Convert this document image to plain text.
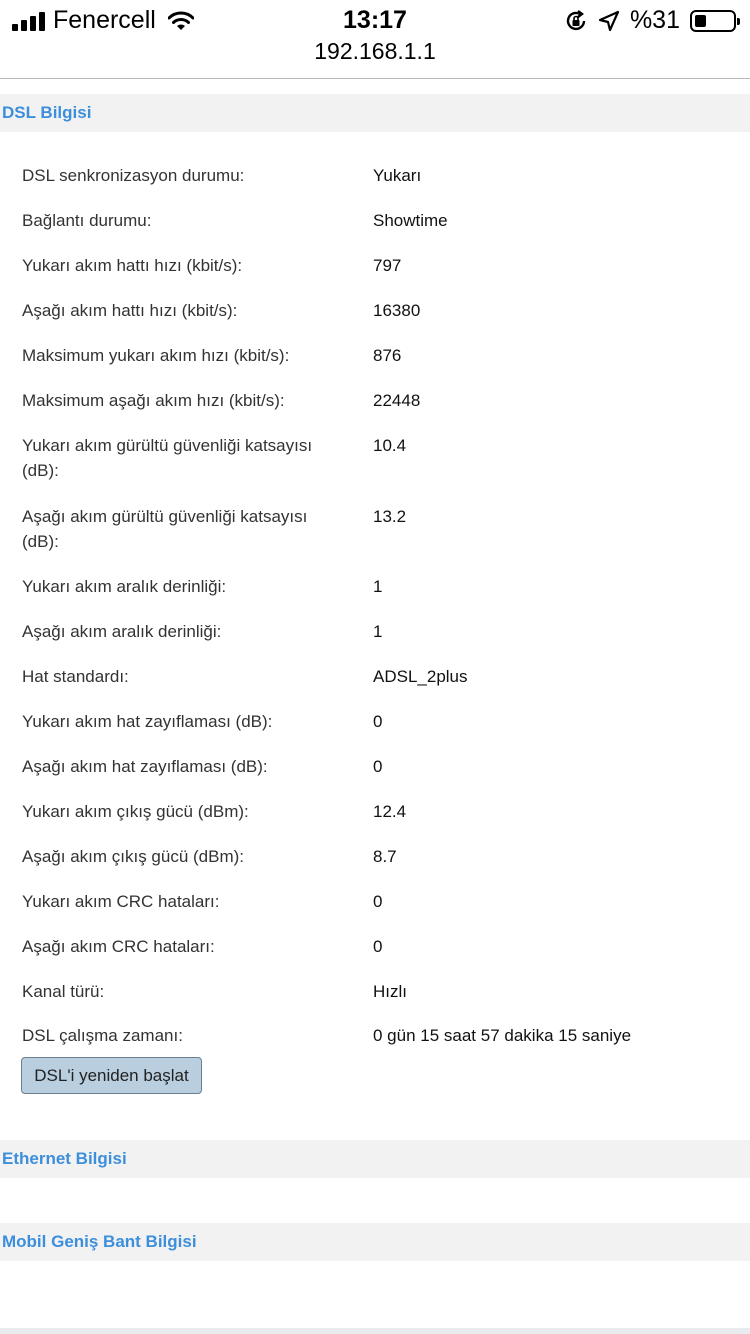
Fenercell	13:17	%31
192.168.1.1
DSL Bilgisi
DSL senkronizasyon durumu:	Yukarı
Bağlantı durumu:	Showtime
Yukarı akım hattı hızı (kbit/s):	797
Aşağı akım hattı hızı (kbit/s):	16380
Maksimum yukarı akım hızı (kbit/s):	876
Maksimum aşağı akım hızı (kbit/s):	22448
Yukarı akım gürültü güvenliği katsayısı (dB):
10.4
Aşağı akım gürültü güvenliği katsayısı (dB):
13.2
Yukarı akım aralık derinliği:	1
Aşağı akım aralık derinliği:	1
Hat standardı:	ADSL_2plus
Yukarı akım hat zayıflaması (dB):	0
Aşağı akım hat zayıflaması (dB):	0
Yukarı akım çıkış gücü (dBm):	12.4
Aşağı akım çıkış gücü (dBm):	8.7
Yukarı akım CRC hataları:	0
Aşağı akım CRC hataları:	0
Kanal türü:	Hızlı
DSL çalışma zamanı:	0 gün 15 saat 57 dakika 15 saniye
DSL'i yeniden başlat
Ethernet Bilgisi
Mobil Geniş Bant Bilgisi
